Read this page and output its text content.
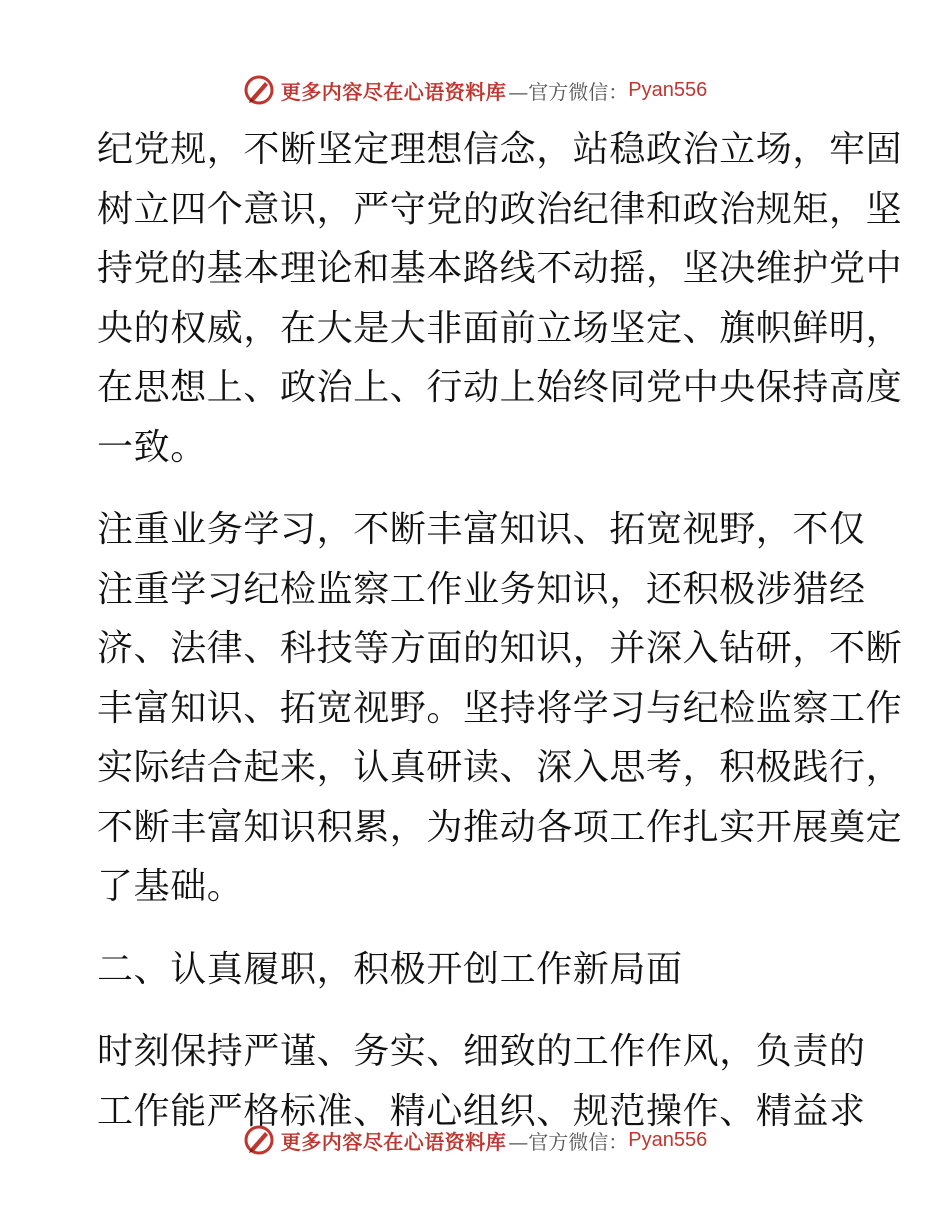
更多内容尽在心语资料库 —官方微信： Pyan556
纪党规，不断坚定理想信念，站稳政治立场，牢固
树立四个意识，严守党的政治纪律和政治规矩，坚
持党的基本理论和基本路线不动摇，坚决维护党中
央的权威，在大是大非面前立场坚定、旗帜鲜明，
在思想上、政治上、行动上始终同党中央保持高度
一致。
注重业务学习，不断丰富知识、拓宽视野，不仅
注重学习纪检监察工作业务知识，还积极涉猎经
济、法律、科技等方面的知识，并深入钻研，不断
丰富知识、拓宽视野。坚持将学习与纪检监察工作
实际结合起来，认真研读、深入思考，积极践行，
不断丰富知识积累，为推动各项工作扎实开展奠定
了基础。
二、认真履职，积极开创工作新局面
时刻保持严谨、务实、细致的工作作风，负责的
工作能严格标准、精心组织、规范操作、精益求
更多内容尽在心语资料库 —官方微信： Pyan556
